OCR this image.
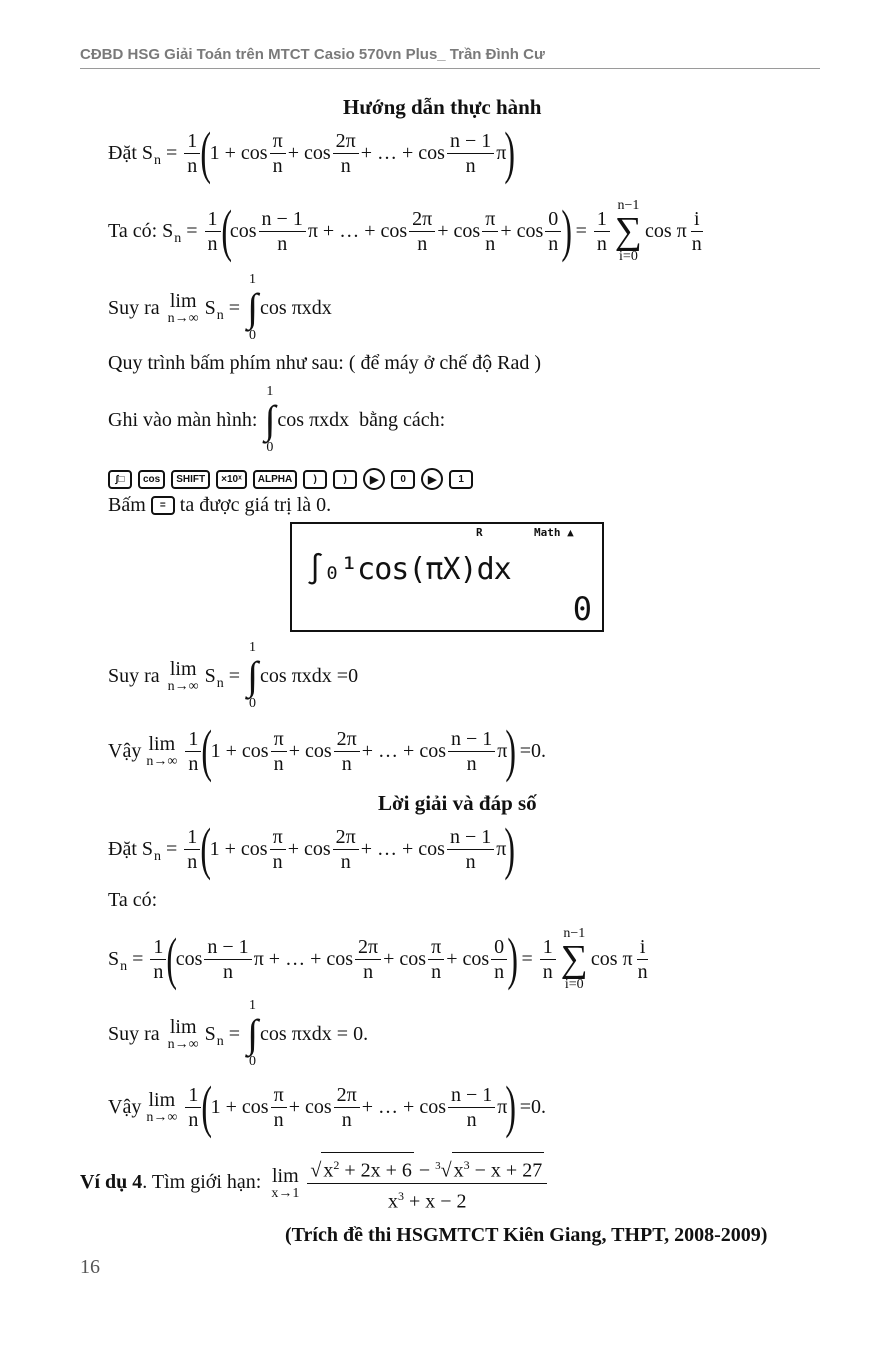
CĐBD HSG Giải Toán trên MTCT Casio 570vn Plus_ Trần Đình Cư
Hướng dẫn thực hành
Đặt S $n = \frac{1}{n}$ (
$1 + \cos \frac{\pi}{n} + \cos \frac{2\pi}{n}$ + … + $\cos \frac{n - 1}{n}$ π
)
Ta có: S $n = \frac{1}{n}$ (
$\cos \frac{n - 1}{n}$ π + … + $\cos \frac{2\pi}{n} + \cos \frac{\pi}{n} + \cos \frac{0}{n}$ )
= $\frac{1}{n}$
n−1
∑
i=0
cos π $\frac{i}{n}$
Suy ra lim
n→∞ S n =
1
∫
0
cos πxdx
Quy trình bấm phím như sau: ( để máy ở chế độ Rad )
Ghi vào màn hình:

1
∫
0
cos πxdx bằng cách:
∫□	cos	SHIFT	×10ˣ	ALPHA	)	)	▶	0	▶	1
Bấm
	=
ta được giá trị là 0.
R	Math ▲
∫₀¹cos(πX)dx
0
Suy ra lim
n→∞ S n =
1
∫
0
cos πxdx =0
Vậy
lim
$n\to\infty \frac{1}{n}$ (
$1 + \cos \frac{\pi}{n} + \cos \frac{2\pi}{n}$ + … + $\cos \frac{n - 1}{n}$ π
)
=0.
Lời giải và đáp số
Đặt S $n = \frac{1}{n}$ (
$1 + \cos \frac{\pi}{n} + \cos \frac{2\pi}{n}$ + … + $\cos \frac{n - 1}{n}$ π
)
Ta có:
S $n = \frac{1}{n}$ (
$\cos \frac{n - 1}{n}$ π + … + $\cos \frac{2\pi}{n} + \cos \frac{\pi}{n} + \cos \frac{0}{n}$ )
= $\frac{1}{n}$
n−1
∑
i=0
cos π $\frac{i}{n}$
Suy ra lim
n→∞ S n =
1
∫
0
cos πxdx = 0.
Vậy
lim
$n\to\infty \frac{1}{n}$ (
$1 + \cos \frac{\pi}{n} + \cos \frac{2\pi}{n}$ + … + $\cos \frac{n - 1}{n}$ π
)
=0.
Ví dụ 4 . Tìm giới hạn:
lim
$x\to 1 \frac{√ x^2 + 2x + 6 - ^3√ x^3 - x + 27}{x^3 + x - 2}$
(Trích đề thi HSGMTCT Kiên Giang, THPT, 2008-2009)
16
